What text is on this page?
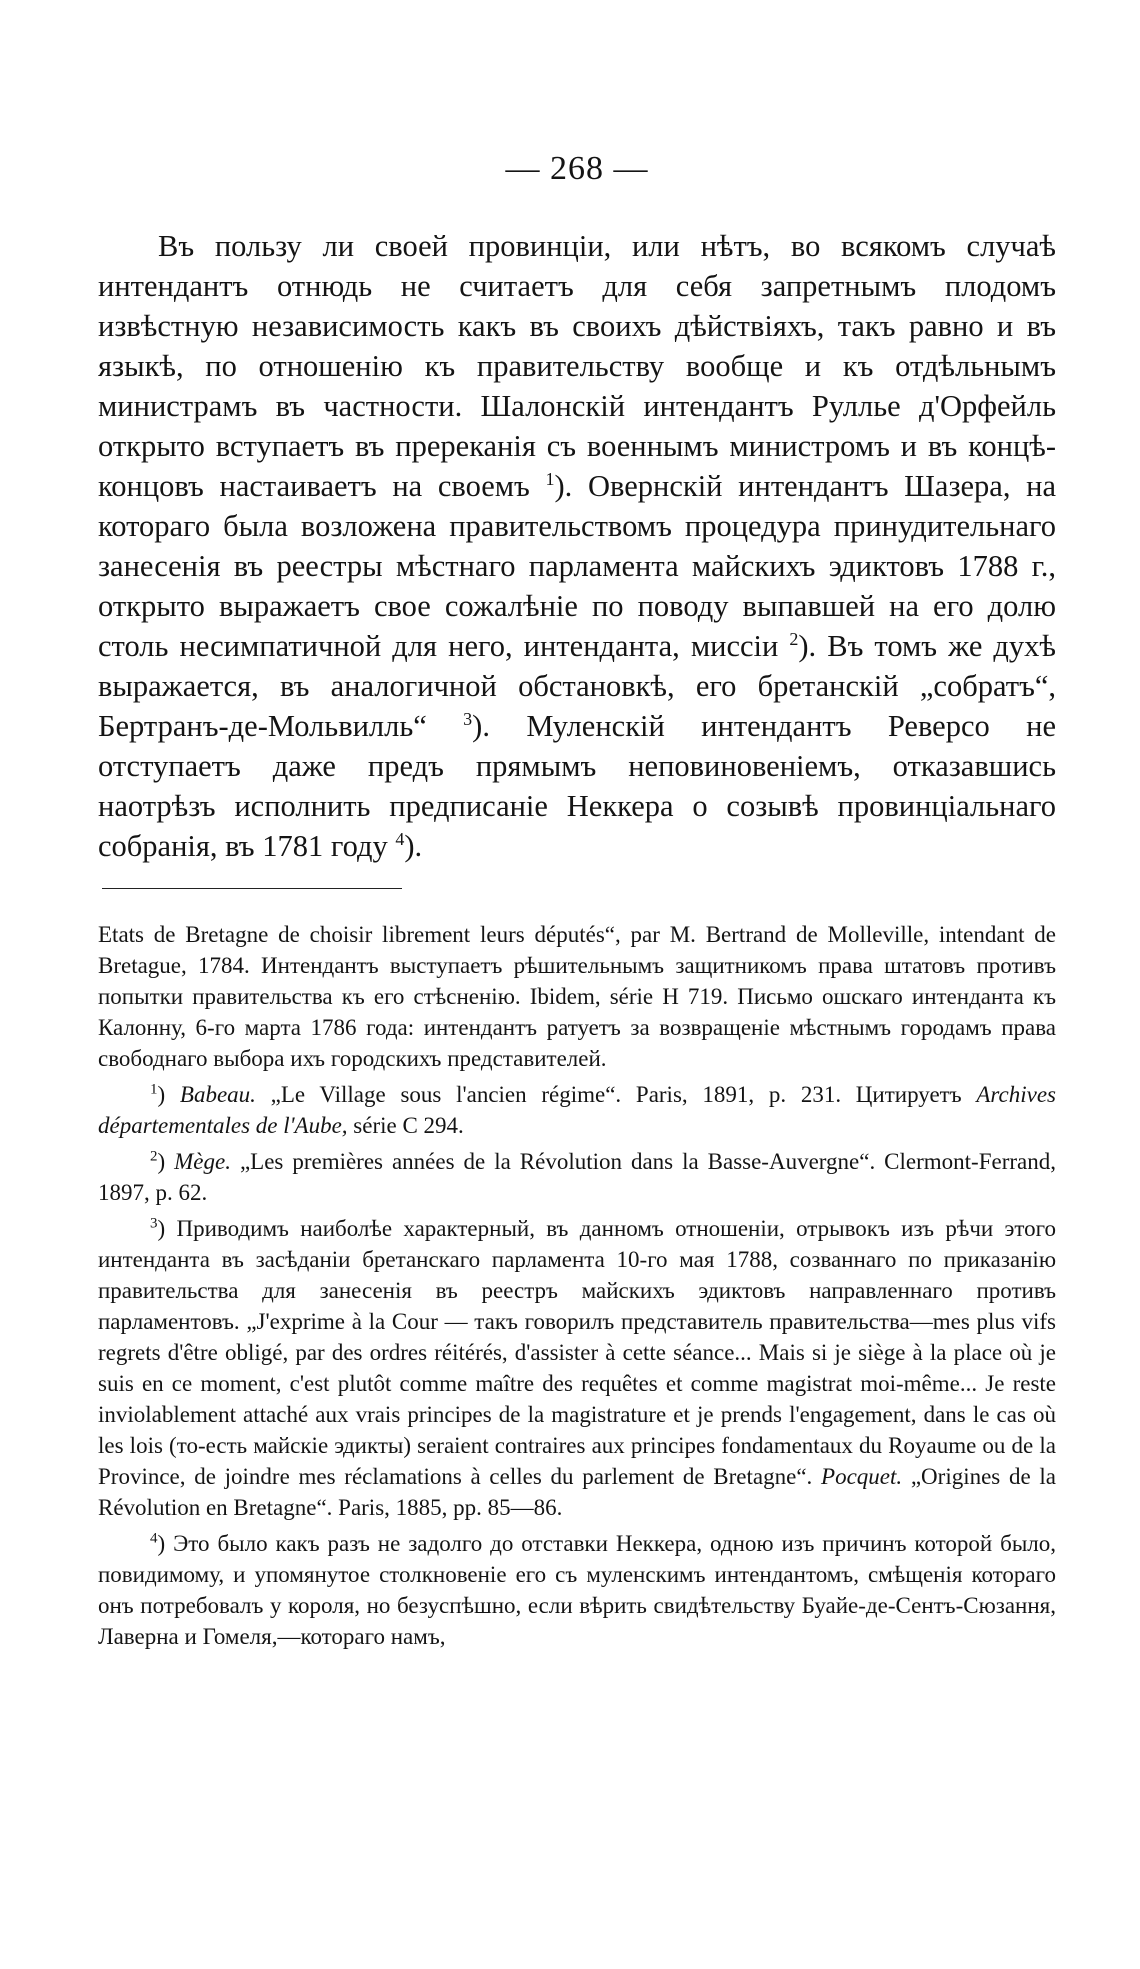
— 268 —

Въ пользу ли своей провинціи, или нѣтъ, во всякомъ случаѣ интендантъ отнюдь не считаетъ для себя запретнымъ плодомъ извѣстную независимость какъ въ своихъ дѣйствіяхъ, такъ равно и въ языкѣ, по отношенію къ правительству вообще и къ отдѣльнымъ министрамъ въ частности. Шалонскій интендантъ Руллье д'Орфейль открыто вступаетъ въ пререканія съ военнымъ министромъ и въ концѣ-концовъ настаиваетъ на своемъ $^1$). Овернскій интендантъ Шазера, на котораго была возложена правительствомъ процедура принудительнаго занесенія въ реестры мѣстнаго парламента майскихъ эдиктовъ 1788 г., открыто выражаетъ свое сожалѣніе по поводу выпавшей на его долю столь несимпатичной для него, интенданта, миссіи $^2$). Въ томъ же духѣ выражается, въ аналогичной обстановкѣ, его бретанскій „собратъ“, Бертранъ-де-Мольвилль“ $^3$). Муленскій интендантъ Реверсо не отступаетъ даже предъ прямымъ неповиновеніемъ, отказавшись наотрѣзъ исполнить предписаніе Неккера о созывѣ провинціальнаго собранія, въ 1781 году $^4$).

Etats de Bretagne de choisir librement leurs députés“, par M. Bertrand de Molleville, intendant de Bretague, 1784. Интендантъ выступаетъ рѣшительнымъ защитникомъ права штатовъ противъ попытки правительства къ его стѣсненію. Ibidem, série H 719. Письмо ошскаго интенданта къ Калонну, 6-го марта 1786 года: интендантъ ратуетъ за возвращеніе мѣстнымъ городамъ права свободнаго выбора ихъ городскихъ представителей.

$^1$) Babeau. „Le Village sous l'ancien régime“. Paris, 1891, p. 231. Цитируетъ Archives départementales de l'Aube, série C 294.

$^2$) Mège. „Les premières années de la Révolution dans la Basse-Auvergne“. Clermont-Ferrand, 1897, p. 62.

$^3$) Приводимъ наиболѣе характерный, въ данномъ отношеніи, отрывокъ изъ рѣчи этого интенданта въ засѣданіи бретанскаго парламента 10-го мая 1788, созваннаго по приказанію правительства для занесенія въ реестръ майскихъ эдиктовъ направленнаго противъ парламентовъ. „J'exprime à la Cour — такъ говорилъ представитель правительства—mes plus vifs regrets d'être obligé, par des ordres réitérés, d'assister à cette séance... Mais si je siège à la place où je suis en ce moment, c'est plutôt comme maître des requêtes et comme magistrat moi-même... Je reste inviolablement attaché aux vrais principes de la magistrature et je prends l'engagement, dans le cas où les lois (то-есть майскіе эдикты) seraient contraires aux principes fondamentaux du Royaume ou de la Province, de joindre mes réclamations à celles du parlement de Bretagne“. Pocquet. „Origines de la Révolution en Bretagne“. Paris, 1885, pp. 85—86.

$^4$) Это было какъ разъ не задолго до отставки Неккера, одною изъ причинъ которой было, повидимому, и упомянутое столкновеніе его съ муленскимъ интендантомъ, смѣщенія котораго онъ потребовалъ у короля, но безуспѣшно, если вѣрить свидѣтельству Буайе-де-Сентъ-Сюзання, Лаверна и Гомеля,—котораго намъ,
